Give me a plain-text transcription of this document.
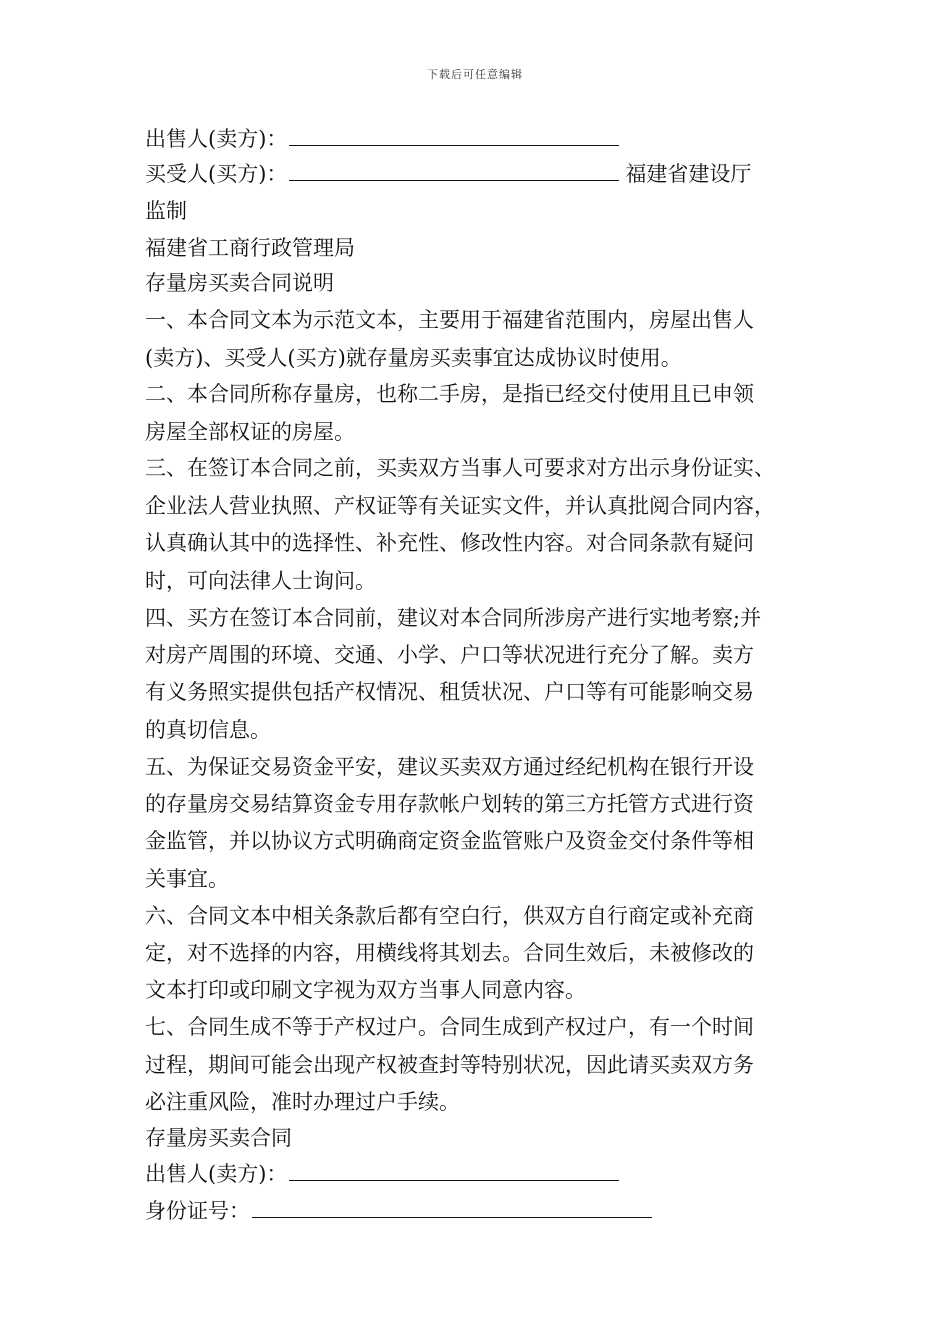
下载后可任意编辑
出售人(卖方)：
买受人(买方)：	福建省建设厅
监制
福建省工商行政管理局
存量房买卖合同说明
一、本合同文本为示范文本，主要用于福建省范围内，房屋出售人
(卖方)、买受人(买方)就存量房买卖事宜达成协议时使用。
二、本合同所称存量房，也称二手房，是指已经交付使用且已申领
房屋全部权证的房屋。
三、在签订本合同之前，买卖双方当事人可要求对方出示身份证实、
企业法人营业执照、产权证等有关证实文件，并认真批阅合同内容，
认真确认其中的选择性、补充性、修改性内容。对合同条款有疑问
时，可向法律人士询问。
四、买方在签订本合同前，建议对本合同所涉房产进行实地考察;并
对房产周围的环境、交通、小学、户口等状况进行充分了解。卖方
有义务照实提供包括产权情况、租赁状况、户口等有可能影响交易
的真切信息。
五、为保证交易资金平安，建议买卖双方通过经纪机构在银行开设
的存量房交易结算资金专用存款帐户划转的第三方托管方式进行资
金监管，并以协议方式明确商定资金监管账户及资金交付条件等相
关事宜。
六、合同文本中相关条款后都有空白行，供双方自行商定或补充商
定，对不选择的内容，用横线将其划去。合同生效后，未被修改的
文本打印或印刷文字视为双方当事人同意内容。
七、合同生成不等于产权过户。合同生成到产权过户，有一个时间
过程，期间可能会出现产权被查封等特别状况，因此请买卖双方务
必注重风险，准时办理过户手续。
存量房买卖合同
出售人(卖方)：
身份证号：
